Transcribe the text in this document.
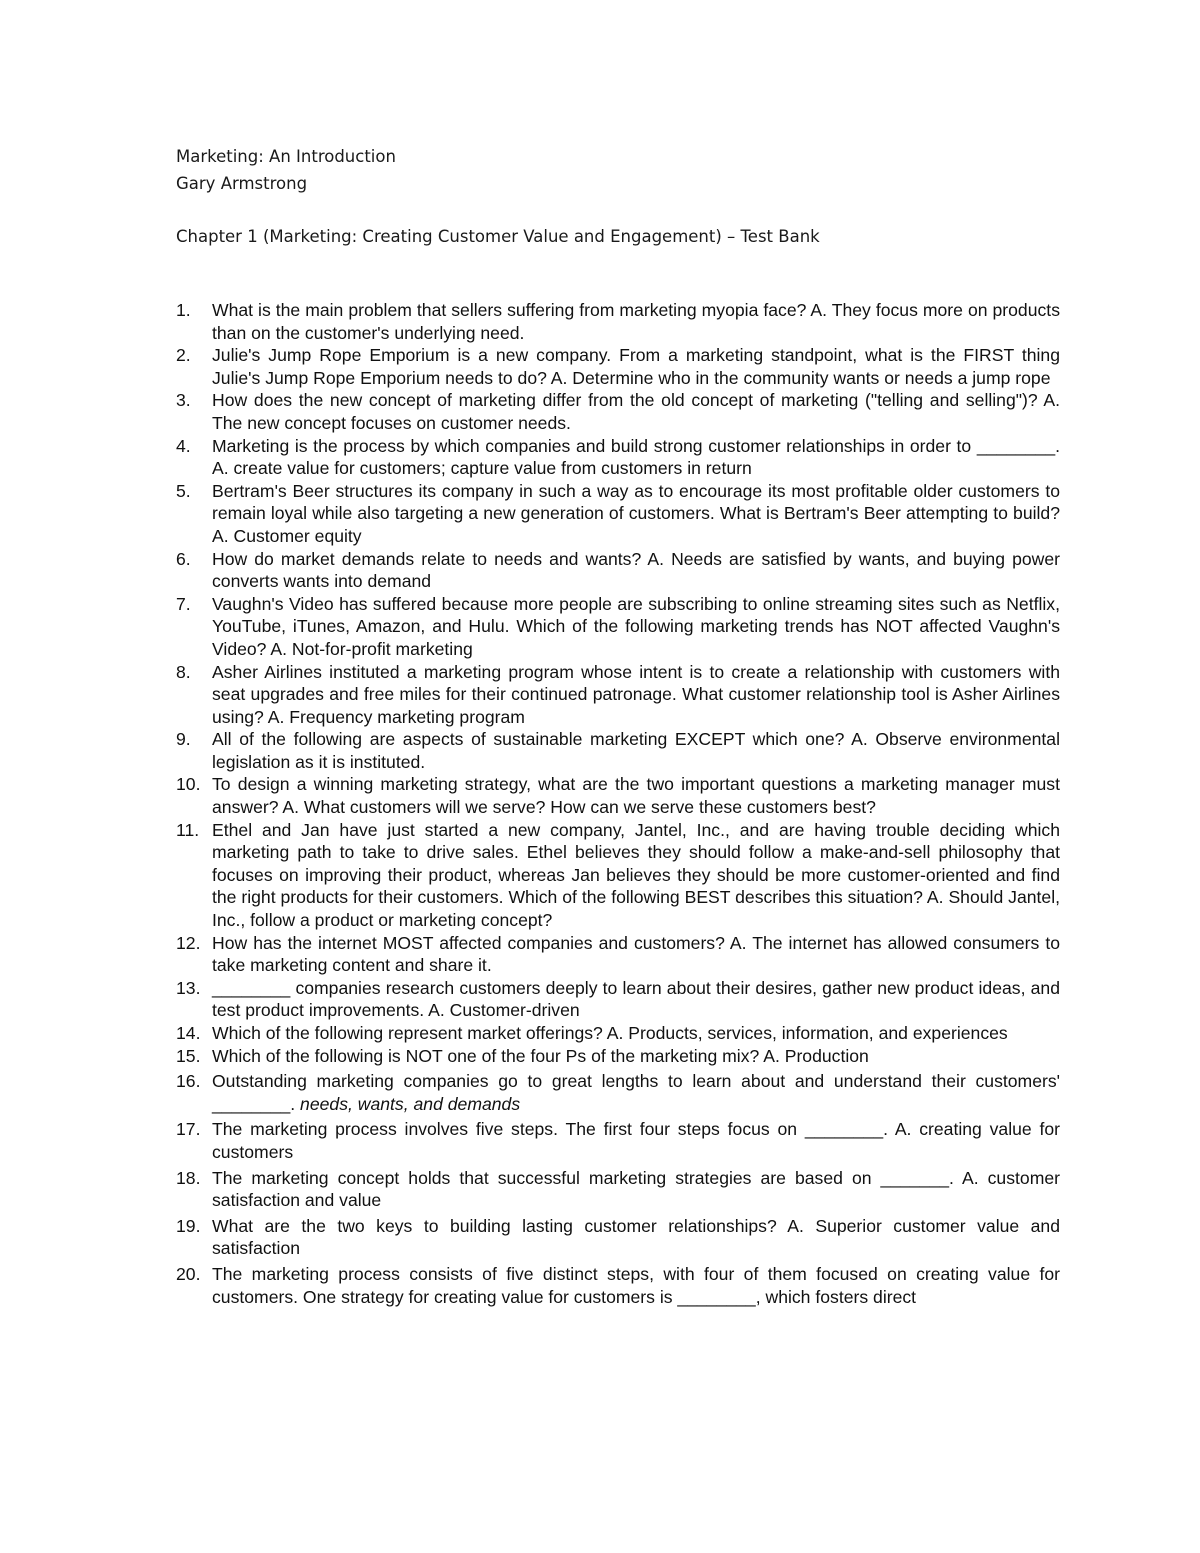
Marketing: An Introduction
Gary Armstrong
Chapter 1 (Marketing: Creating Customer Value and Engagement) – Test Bank
1.	What is the main problem that sellers suffering from marketing myopia face? A. They focus more on products than on the customer's underlying need.
2.	Julie's Jump Rope Emporium is a new company. From a marketing standpoint, what is the FIRST thing Julie's Jump Rope Emporium needs to do? A. Determine who in the community wants or needs a jump rope
3.	How does the new concept of marketing differ from the old concept of marketing ("telling and selling")? A. The new concept focuses on customer needs.
4.	Marketing is the process by which companies and build strong customer relationships in order to ________. A. create value for customers; capture value from customers in return
5.	Bertram's Beer structures its company in such a way as to encourage its most profitable older customers to remain loyal while also targeting a new generation of customers. What is Bertram's Beer attempting to build? A. Customer equity
6.	How do market demands relate to needs and wants? A. Needs are satisfied by wants, and buying power converts wants into demand
7.	Vaughn's Video has suffered because more people are subscribing to online streaming sites such as Netflix, YouTube, iTunes, Amazon, and Hulu. Which of the following marketing trends has NOT affected Vaughn's Video? A. Not-for-profit marketing
8.	Asher Airlines instituted a marketing program whose intent is to create a relationship with customers with seat upgrades and free miles for their continued patronage. What customer relationship tool is Asher Airlines using? A. Frequency marketing program
9.	All of the following are aspects of sustainable marketing EXCEPT which one? A. Observe environmental legislation as it is instituted.
10. To design a winning marketing strategy, what are the two important questions a marketing manager must answer? A. What customers will we serve? How can we serve these customers best?
11. Ethel and Jan have just started a new company, Jantel, Inc., and are having trouble deciding which marketing path to take to drive sales. Ethel believes they should follow a make-and-sell philosophy that focuses on improving their product, whereas Jan believes they should be more customer-oriented and find the right products for their customers. Which of the following BEST describes this situation? A. Should Jantel, Inc., follow a product or marketing concept?
12. How has the internet MOST affected companies and customers? A. The internet has allowed consumers to take marketing content and share it.
13. ________ companies research customers deeply to learn about their desires, gather new product ideas, and test product improvements. A. Customer-driven
14. Which of the following represent market offerings? A. Products, services, information, and experiences
15. Which of the following is NOT one of the four Ps of the marketing mix? A. Production
16. Outstanding marketing companies go to great lengths to learn about and understand their customers' ________. needs, wants, and demands
17. The marketing process involves five steps. The first four steps focus on ________. A. creating value for customers
18. The marketing concept holds that successful marketing strategies are based on _______. A. customer satisfaction and value
19. What are the two keys to building lasting customer relationships? A. Superior customer value and satisfaction
20. The marketing process consists of five distinct steps, with four of them focused on creating value for customers. One strategy for creating value for customers is ________, which fosters direct
